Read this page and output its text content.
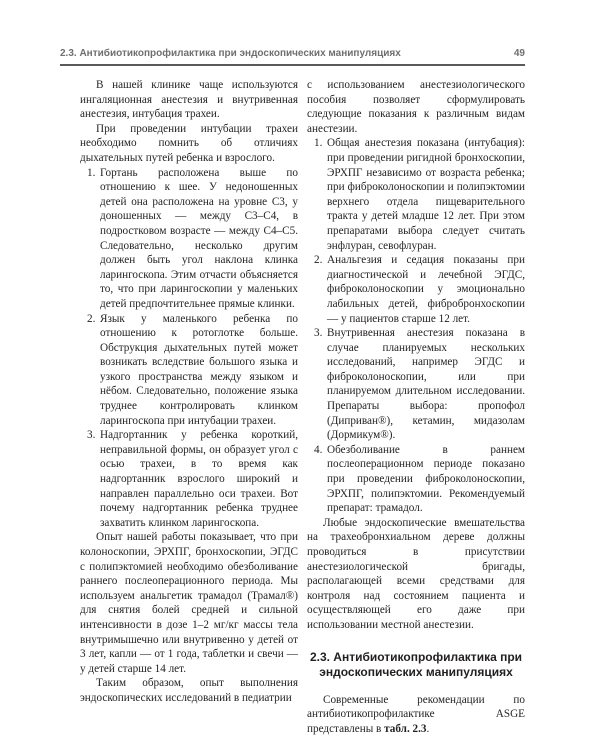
2.3. Антибиотикопрофилактика при эндоскопических манипуляциях	49

В нашей клинике чаще используются ингаляционная анестезия и внутривенная анестезия, интубация трахеи.

При проведении интубации трахеи необходимо помнить об отличиях дыхательных путей ребенка и взрослого.

1. Гортань расположена выше по отношению к шее. У недоношенных детей она расположена на уровне С3, у доношенных — между С3–С4, в подростковом возрасте — между С4–С5. Следовательно, несколько другим должен быть угол наклона клинка ларингоскопа. Этим отчасти объясняется то, что при ларингоскопии у маленьких детей предпочтительнее прямые клинки.
2. Язык у маленького ребенка по отношению к ротоглотке больше. Обструкция дыхательных путей может возникать вследствие большого языка и узкого пространства между языком и нёбом. Следовательно, положение языка труднее контролировать клинком ларингоскопа при интубации трахеи.
3. Надгортанник у ребенка короткий, неправильной формы, он образует угол с осью трахеи, в то время как надгортанник взрослого широкий и направлен параллельно оси трахеи. Вот почему надгортанник ребенка труднее захватить клинком ларингоскопа.

Опыт нашей работы показывает, что при колоноскопии, ЭРХПГ, бронхоскопии, ЭГДС с полипэктомией необходимо обезболивание раннего послеоперационного периода. Мы используем анальгетик трамадол (Трамал®) для снятия болей средней и сильной интенсивности в дозе 1–2 мг/кг массы тела внутримышечно или внутривенно у детей от 3 лет, капли — от 1 года, таблетки и свечи — у детей старше 14 лет.

Таким образом, опыт выполнения эндоскопических исследований в педиатрии

с использованием анестезиологического пособия позволяет сформулировать следующие показания к различным видам анестезии.

1. Общая анестезия показана (интубация): при проведении ригидной бронхоскопии, ЭРХПГ независимо от возраста ребенка; при фиброколоноскопии и полипэктомии верхнего отдела пищеварительного тракта у детей младше 12 лет. При этом препаратами выбора следует считать энфлуран, севофлуран.
2. Анальгезия и седация показаны при диагностической и лечебной ЭГДС, фиброколоноскопии у эмоционально лабильных детей, фибробронхоскопии — у пациентов старше 12 лет.
3. Внутривенная анестезия показана в случае планируемых нескольких исследований, например ЭГДС и фиброколоноскопии, или при планируемом длительном исследовании. Препараты выбора: пропофол (Диприван®), кетамин, мидазолам (Дормикум®).
4. Обезболивание в раннем послеоперационном периоде показано при проведении фиброколоноскопии, ЭРХПГ, полипэктомии. Рекомендуемый препарат: трамадол.

Любые эндоскопические вмешательства на трахеобронхиальном дереве должны проводиться в присутствии анестезиологической бригады, располагающей всеми средствами для контроля над состоянием пациента и осуществляющей его даже при использовании местной анестезии.

2.3. Антибиотикопрофилактика при эндоскопических манипуляциях

Современные рекомендации по антибиотикопрофилактике ASGE представлены в табл. 2.3.
